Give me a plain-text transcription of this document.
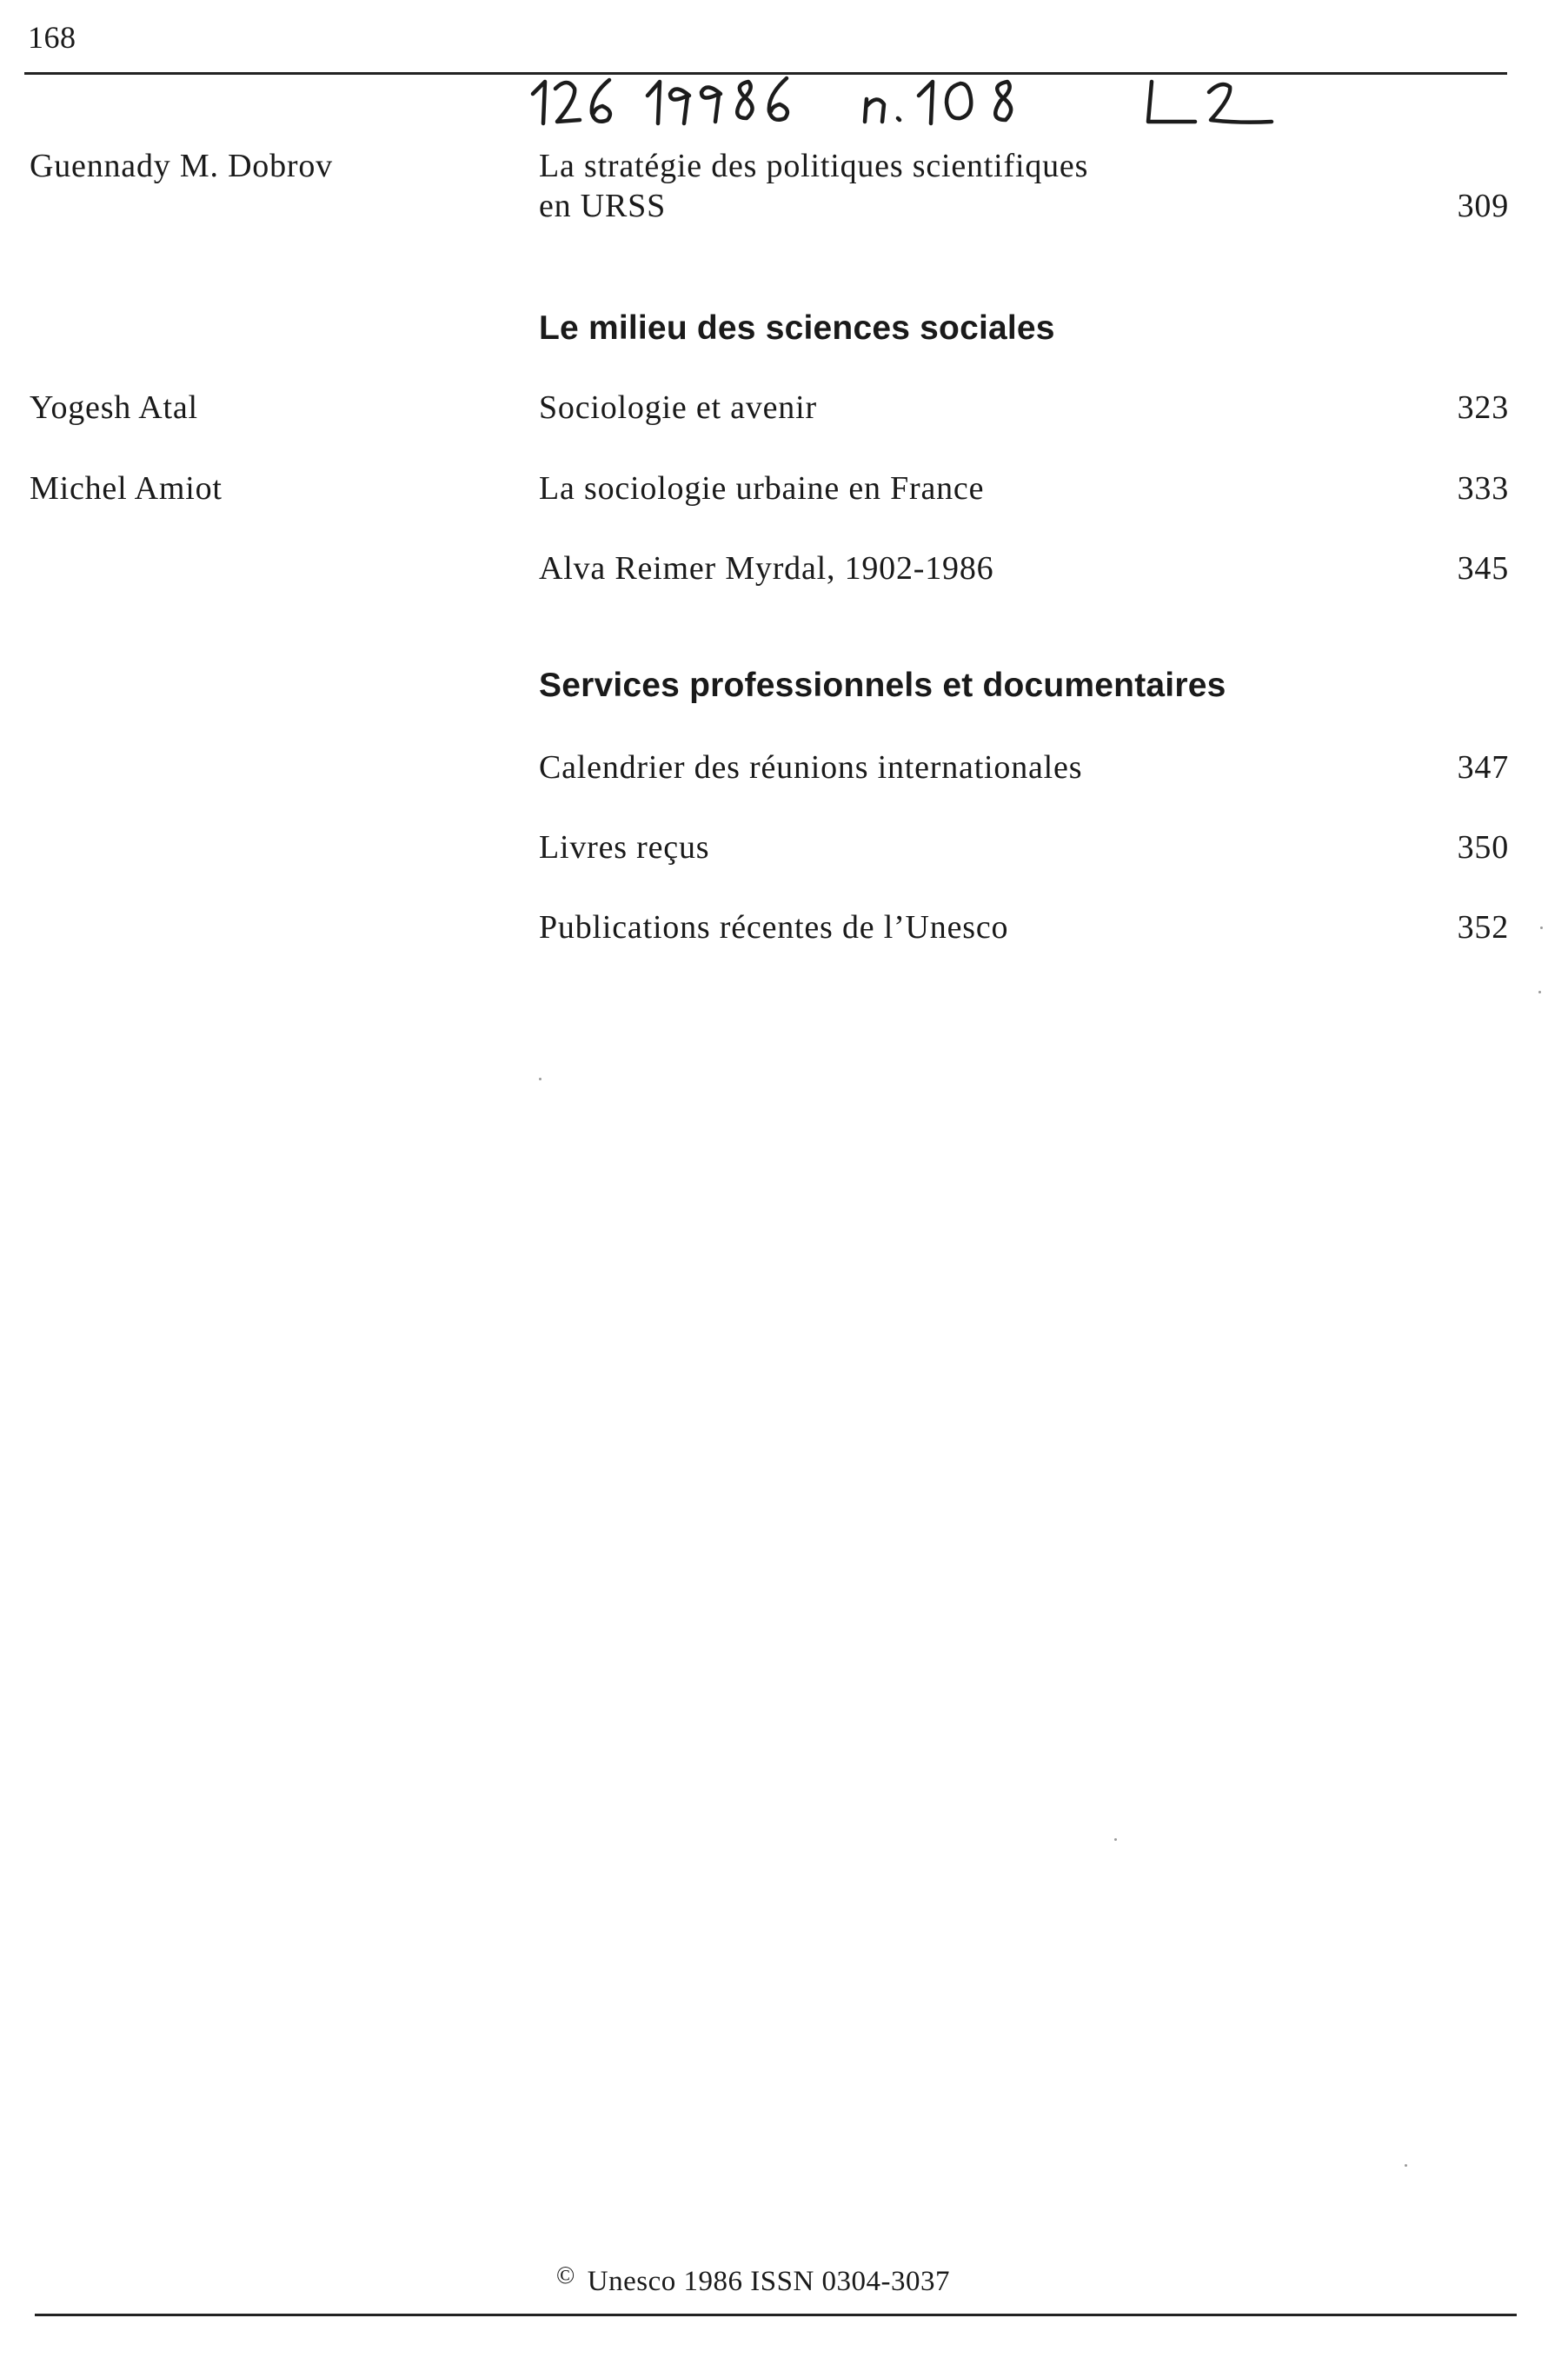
168
Guennady M. Dobrov	La stratégie des politiques scientifiques
en URSS	309
Le milieu des sciences sociales
Yogesh Atal	Sociologie et avenir	323
Michel Amiot	La sociologie urbaine en France	333
Alva Reimer Myrdal, 1902-1986	345
Services professionnels et documentaires
Calendrier des réunions internationales	347
Livres reçus	350
Publications récentes de l’Unesco	352
© Unesco 1986 ISSN 0304-3037
